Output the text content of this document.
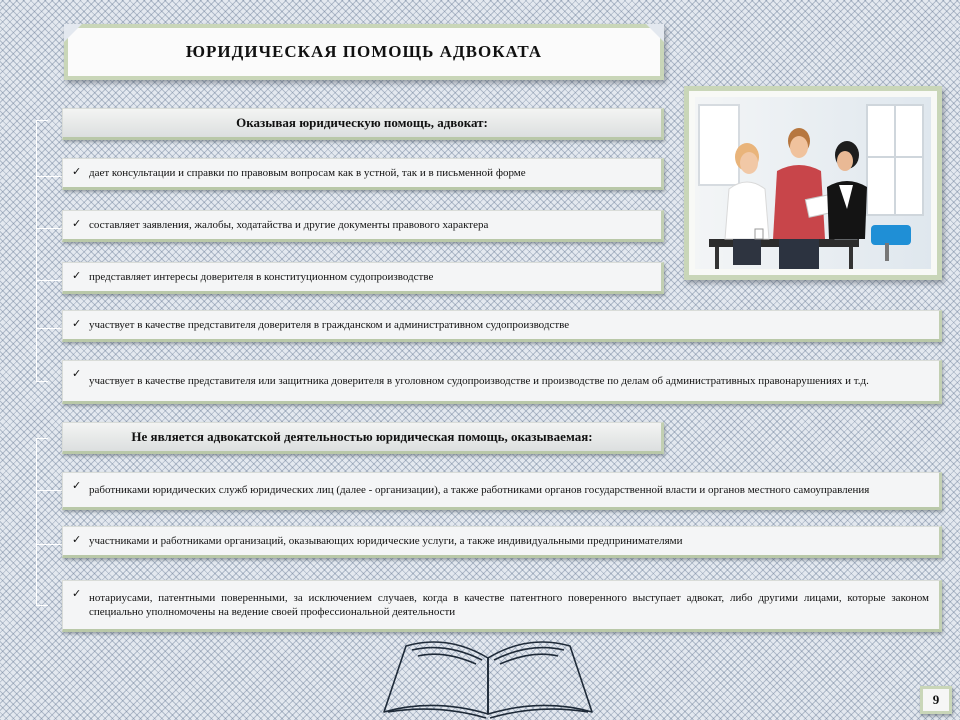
ЮРИДИЧЕСКАЯ ПОМОЩЬ АДВОКАТА
Оказывая юридическую помощь, адвокат:
✓ дает консультации и справки по правовым вопросам как в устной, так и в письменной форме
✓ составляет заявления, жалобы, ходатайства и другие документы правового характера
✓ представляет интересы доверителя в конституционном судопроизводстве
✓ участвует в качестве представителя доверителя в гражданском и административном судопроизводстве
✓
участвует в качестве представителя или защитника доверителя в уголовном судопроизводстве и производстве по делам об административных правонарушениях и т.д.
Не является адвокатской деятельностью юридическая помощь, оказываемая:
✓ работниками юридических служб юридических лиц (далее - организации), а также работниками органов государственной власти и органов местного самоуправления
✓ участниками и работниками организаций, оказывающих юридические услуги, а также индивидуальными предпринимателями
✓ нотариусами, патентными поверенными, за исключением случаев, когда в качестве патентного поверенного выступает адвокат, либо другими лицами, которые законом специально уполномочены на ведение своей профессиональной деятельности
9
